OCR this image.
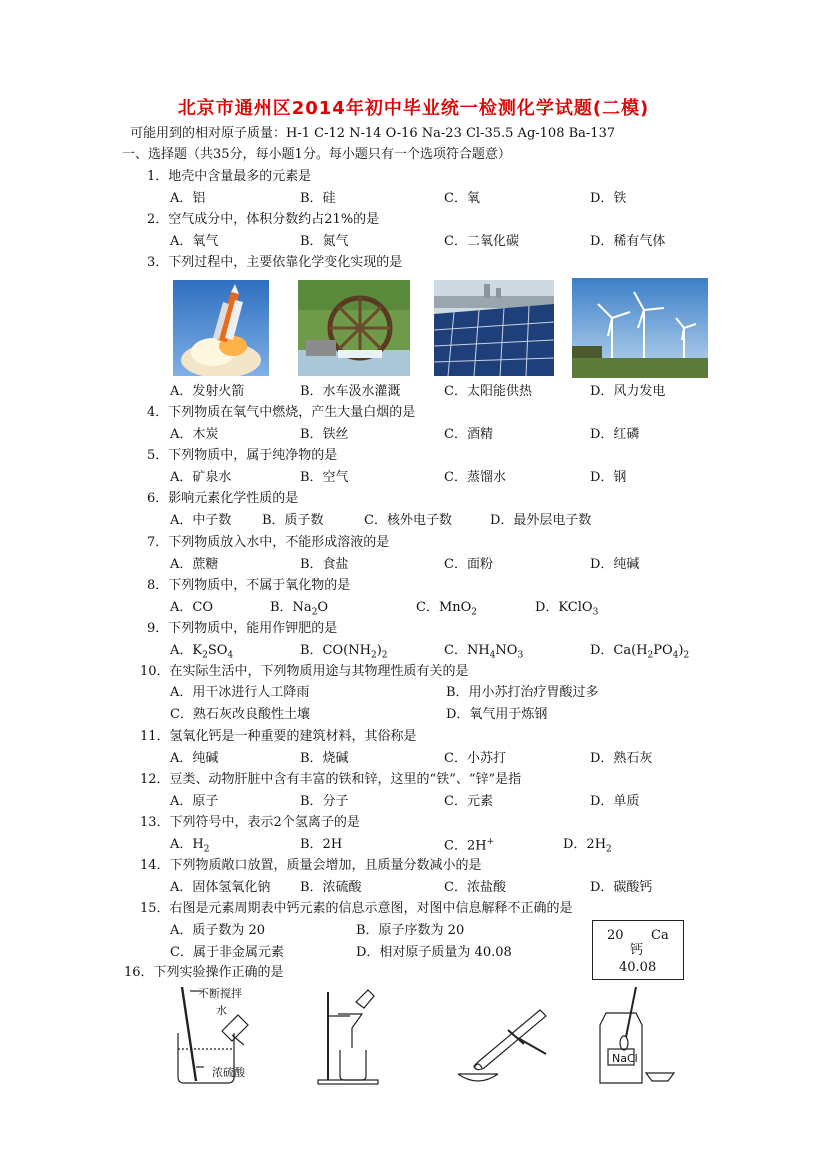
北京市通州区2014年初中毕业统一检测化学试题(二模)
可能用到的相对原子质量：H-1 C-12 N-14 O-16 Na-23 Cl-35.5 Ag-108 Ba-137
一、选择题（共35分，每小题1分。每小题只有一个选项符合题意）
1．地壳中含量最多的元素是
A．铝	B．硅	C．氧	D．铁
2．空气成分中，体积分数约占21%的是
A．氧气	B．氮气	C．二氧化碳	D．稀有气体
3．下列过程中，主要依靠化学变化实现的是
A．发射火箭	B．水车汲水灌溉	C．太阳能供热	D．风力发电
4．下列物质在氧气中燃烧，产生大量白烟的是
A．木炭	B．铁丝	C．酒精	D．红磷
5．下列物质中，属于纯净物的是
A．矿泉水	B．空气	C．蒸馏水	D．钢
6．影响元素化学性质的是
A．中子数 B．质子数	C．核外电子数	D．最外层电子数
7．下列物质放入水中，不能形成溶液的是
A．蔗糖	B．食盐	C．面粉	D．纯碱
8．下列物质中，不属于氧化物的是
A．CO	B．$Na_2O$	C．MnO$_2$	D．KClO$_3$
9．下列物质中，能用作钾肥的是
A．$K_2SO_4$	B．$CO(NH_2)_2$	C．$NH_4NO_3$	D．$Ca(H_2PO_4)_2$
10．在实际生活中，下列物质用途与其物理性质有关的是
A．用干冰进行人工降雨	B．用小苏打治疗胃酸过多
C．熟石灰改良酸性土壤	D．氧气用于炼钢
11．氢氧化钙是一种重要的建筑材料，其俗称是
A．纯碱	B．烧碱	C．小苏打	D．熟石灰
12．豆类、动物肝脏中含有丰富的铁和锌，这里的“铁”、“锌”是指
A．原子	B．分子	C．元素	D．单质
13．下列符号中，表示2个氢离子的是
A．$H_2$	B．2H	C．2H+	D．$2H_2$
14．下列物质敞口放置，质量会增加，且质量分数减小的是
A．固体氢氧化钠 B．浓硫酸	C．浓盐酸	D．碳酸钙
15．右图是元素周期表中钙元素的信息示意图，对图中信息解释不正确的是
A．质子数为 20	B．原子序数为 20
C．属于非金属元素	D．相对原子质量为 40.08
20 Ca
钙
40.08
16．下列实验操作正确的是
不断搅拌
水
浓硫酸
NaCl
